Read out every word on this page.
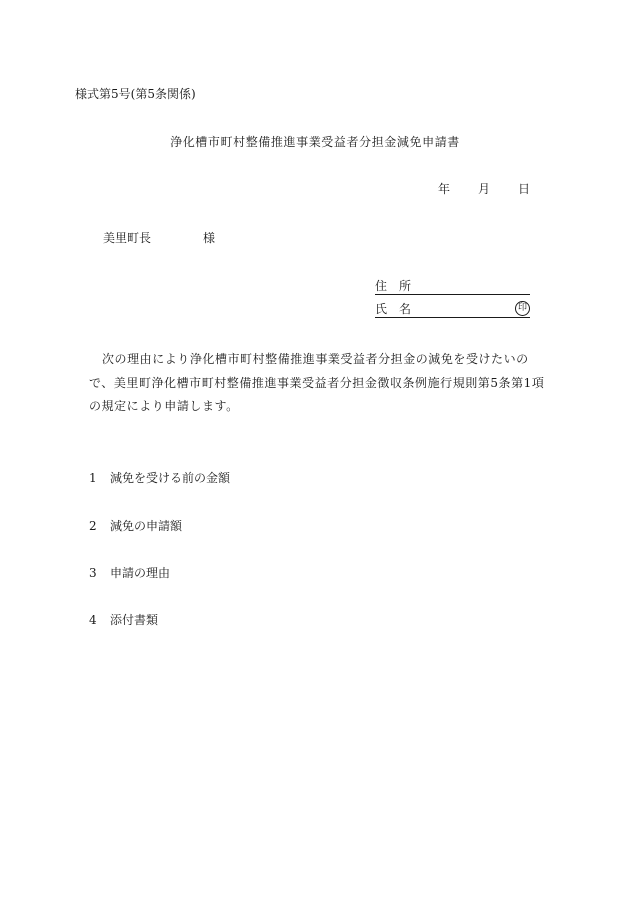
様式第5号(第5条関係)
浄化槽市町村整備推進事業受益者分担金減免申請書
年 月 日
美里町長	様
住 所
氏 名	印
次の理由により浄化槽市町村整備推進事業受益者分担金の減免を受けたいので、美里町浄化槽市町村整備推進事業受益者分担金徴収条例施行規則第5条第1項の規定により申請します。
1 減免を受ける前の金額
2 減免の申請額
3 申請の理由
4 添付書類
